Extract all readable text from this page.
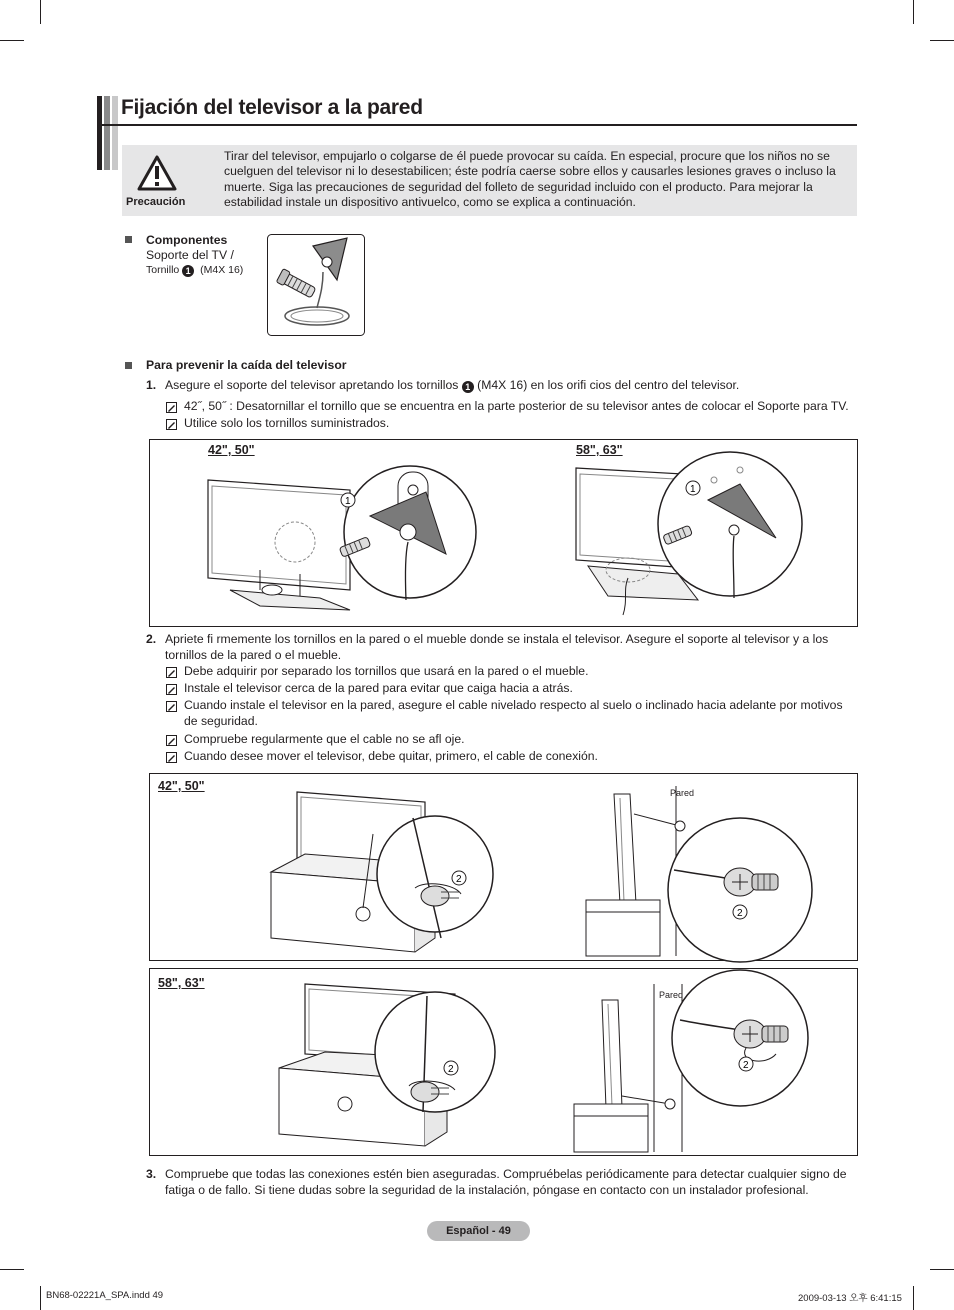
Fijación del televisor a la pared
Precaución
Tirar del televisor, empujarlo o colgarse de él puede provocar su caída. En especial, procure que los niños no se cuelguen del televisor ni lo desestabilicen; éste podría caerse sobre ellos y causarles lesiones graves o incluso la muerte. Siga las precauciones de seguridad del folleto de seguridad incluido con el producto. Para mejorar la estabilidad instale un dispositivo antivuelco, como se explica a continuación.
Componentes
Soporte del TV /
Tornillo 1 (M4X 16)
Para prevenir la caída del televisor
1. Asegure el soporte del televisor apretando los tornillos 1 (M4X 16) en los orifi cios del centro del televisor.
42˝, 50˝ : Desatornillar el tornillo que se encuentra en la parte posterior de su televisor antes de colocar el Soporte para TV.
Utilice solo los tornillos suministrados.
42", 50"	58", 63"
1
1
2. Apriete fi rmemente los tornillos en la pared o el mueble donde se instala el televisor. Asegure el soporte al televisor y a los tornillos de la pared o el mueble.
Debe adquirir por separado los tornillos que usará en la pared o el mueble.
Instale el televisor cerca de la pared para evitar que caiga hacia a atrás.
Cuando instale el televisor en la pared, asegure el cable nivelado respecto al suelo o inclinado hacia adelante por motivos de seguridad.
Compruebe regularmente que el cable no se afl oje.
Cuando desee mover el televisor, debe quitar, primero, el cable de conexión.
42", 50"	Pared
2
2
58", 63"
Pared
2	2
3. Compruebe que todas las conexiones estén bien aseguradas. Compruébelas periódicamente para detectar cualquier signo de fatiga o de fallo. Si tiene dudas sobre la seguridad de la instalación, póngase en contacto con un instalador profesional.
Español - 49
BN68-02221A_SPA.indd 49	2009-03-13 오후 6:41:15
